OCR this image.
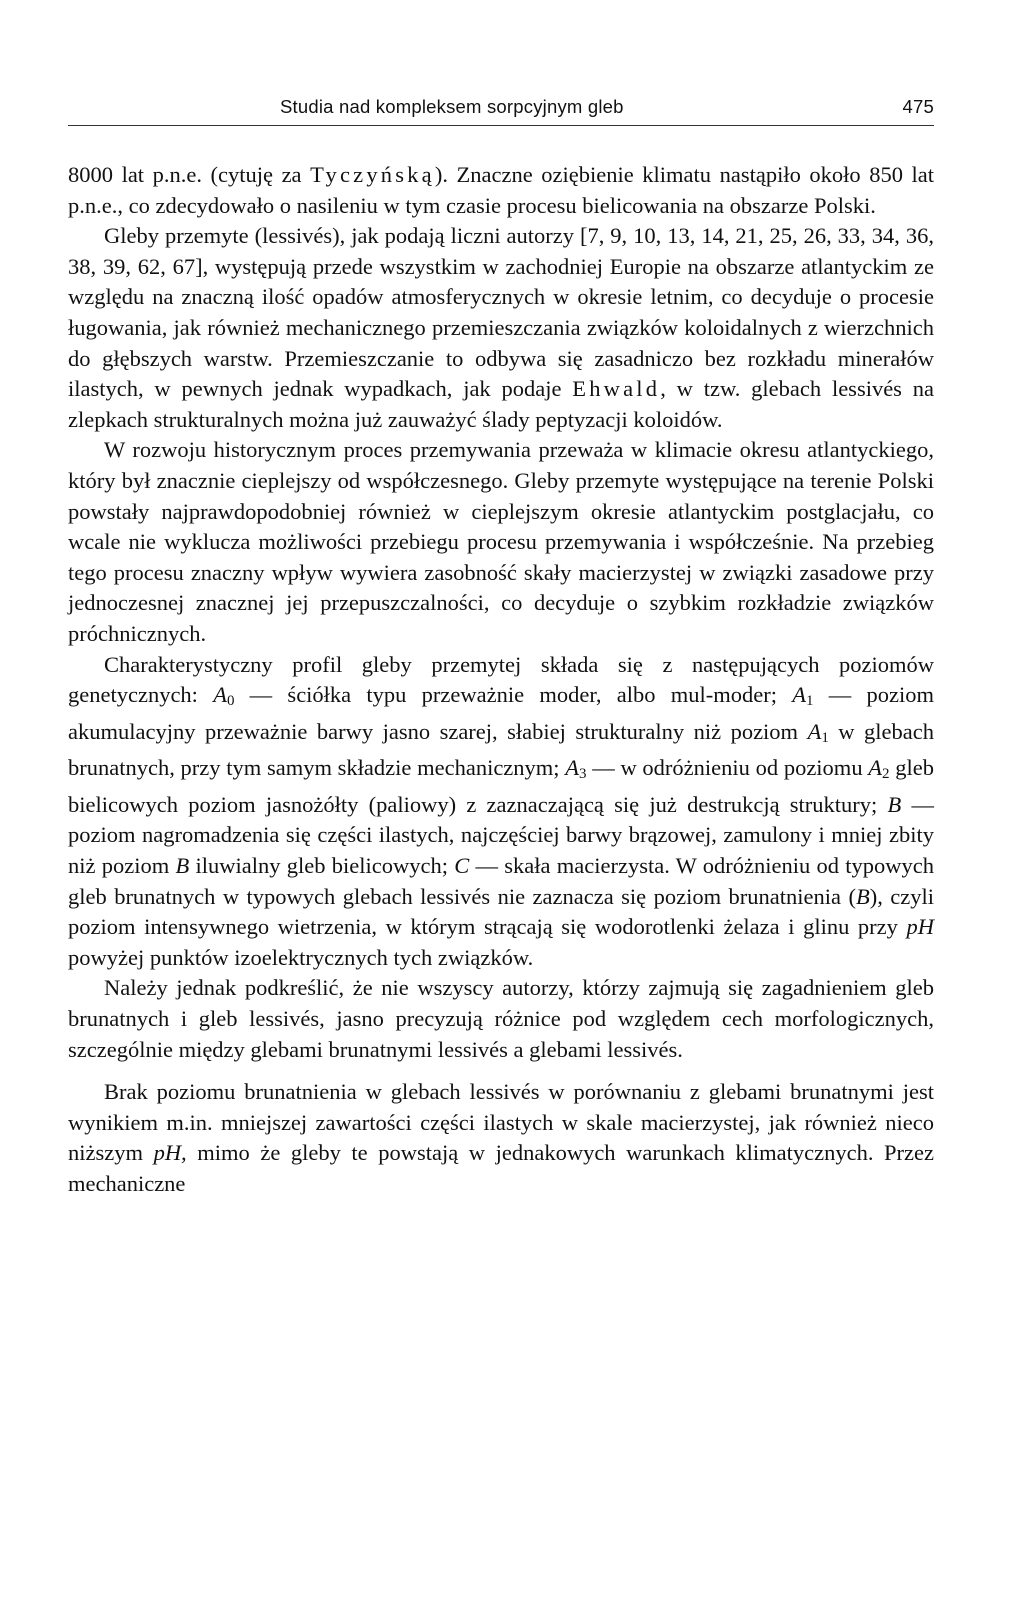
Studia nad kompleksem sorpcyjnym gleb	475

8000 lat p.n.e. (cytuję za Tyczyńską). Znaczne oziębienie klimatu nastąpiło około 850 lat p.n.e., co zdecydowało o nasileniu w tym czasie procesu bielicowania na obszarze Polski.

Gleby przemyte (lessivés), jak podają liczni autorzy [7, 9, 10, 13, 14, 21, 25, 26, 33, 34, 36, 38, 39, 62, 67], występują przede wszystkim w zachodniej Europie na obszarze atlantyckim ze względu na znaczną ilość opadów atmosferycznych w okresie letnim, co decyduje o procesie ługowania, jak również mechanicznego przemieszczania związków koloidalnych z wierzchnich do głębszych warstw. Przemieszczanie to odbywa się zasadniczo bez rozkładu minerałów ilastych, w pewnych jednak wypadkach, jak podaje Ehwald, w tzw. glebach lessivés na zlepkach strukturalnych można już zauważyć ślady peptyzacji koloidów.

W rozwoju historycznym proces przemywania przeważa w klimacie okresu atlantyckiego, który był znacznie cieplejszy od współczesnego. Gleby przemyte występujące na terenie Polski powstały najprawdopodobniej również w cieplejszym okresie atlantyckim postglacjału, co wcale nie wyklucza możliwości przebiegu procesu przemywania i współcześnie. Na przebieg tego procesu znaczny wpływ wywiera zasobność skały macierzystej w związki zasadowe przy jednoczesnej znacznej jej przepuszczalności, co decyduje o szybkim rozkładzie związków próchnicznych.

Charakterystyczny profil gleby przemytej składa się z następujących poziomów genetycznych: $A_0$ — ściółka typu przeważnie moder, albo mul-moder; $A_1$ — poziom akumulacyjny przeważnie barwy jasno szarej, słabiej strukturalny niż poziom $A_1$ w glebach brunatnych, przy tym samym składzie mechanicznym; $A_3$ — w odróżnieniu od poziomu $A_2$ gleb bielicowych poziom jasnożółty (paliowy) z zaznaczającą się już destrukcją struktury; B — poziom nagromadzenia się części ilastych, najczęściej barwy brązowej, zamulony i mniej zbity niż poziom B iluwialny gleb bielicowych; C — skała macierzysta. W odróżnieniu od typowych gleb brunatnych w typowych glebach lessivés nie zaznacza się poziom brunatnienia (B), czyli poziom intensywnego wietrzenia, w którym strącają się wodorotlenki żelaza i glinu przy pH powyżej punktów izoelektrycznych tych związków.

Należy jednak podkreślić, że nie wszyscy autorzy, którzy zajmują się zagadnieniem gleb brunatnych i gleb lessivés, jasno precyzują różnice pod względem cech morfologicznych, szczególnie między glebami brunatnymi lessivés a glebami lessivés.

Brak poziomu brunatnienia w glebach lessivés w porównaniu z glebami brunatnymi jest wynikiem m.in. mniejszej zawartości części ilastych w skale macierzystej, jak również nieco niższym pH, mimo że gleby te powstają w jednakowych warunkach klimatycznych. Przez mechaniczne
